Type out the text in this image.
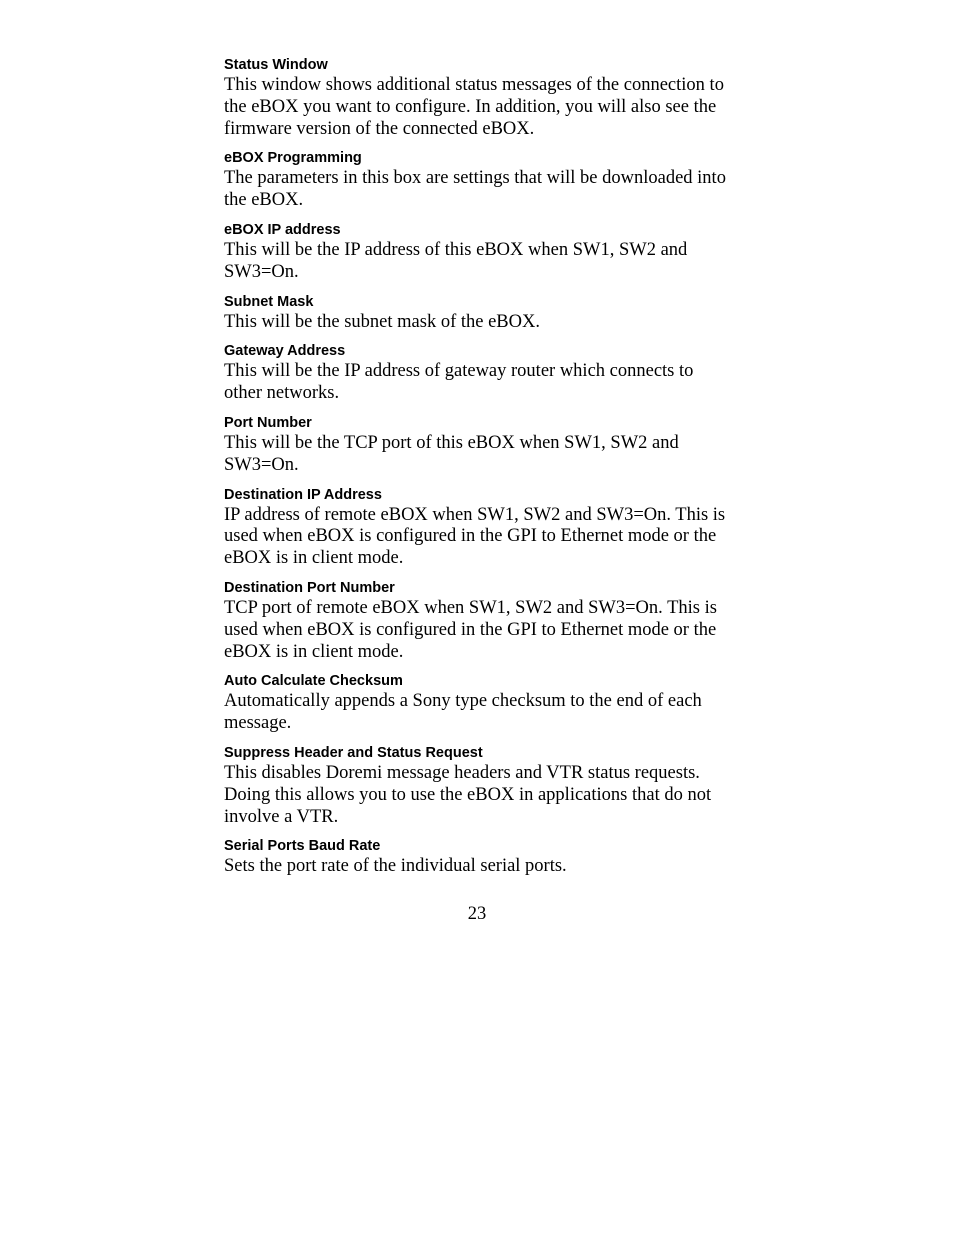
Status Window

This window shows additional status messages of the connection to the eBOX you want to configure. In addition, you will also see the firmware version of the connected eBOX.

eBOX Programming

The parameters in this box are settings that will be downloaded into the eBOX.

eBOX IP address

This will be the IP address of this eBOX when SW1, SW2 and SW3=On.

Subnet Mask

This will be the subnet mask of the eBOX.

Gateway Address

This will be the IP address of gateway router which connects to other networks.

Port Number

This will be the TCP port of this eBOX when SW1, SW2 and SW3=On.

Destination IP Address

IP address of remote eBOX when SW1, SW2 and SW3=On. This is used when eBOX is configured in the GPI to Ethernet mode or the eBOX is in client mode.

Destination Port Number

TCP port of remote eBOX when SW1, SW2 and SW3=On. This is used when eBOX is configured in the GPI to Ethernet mode or the eBOX is in client mode.

Auto Calculate Checksum

Automatically appends a Sony type checksum to the end of each message.

Suppress Header and Status Request

This disables Doremi message headers and VTR status requests. Doing this allows you to use the eBOX in applications that do not involve a VTR.

Serial Ports Baud Rate

Sets the port rate of the individual serial ports.

23
